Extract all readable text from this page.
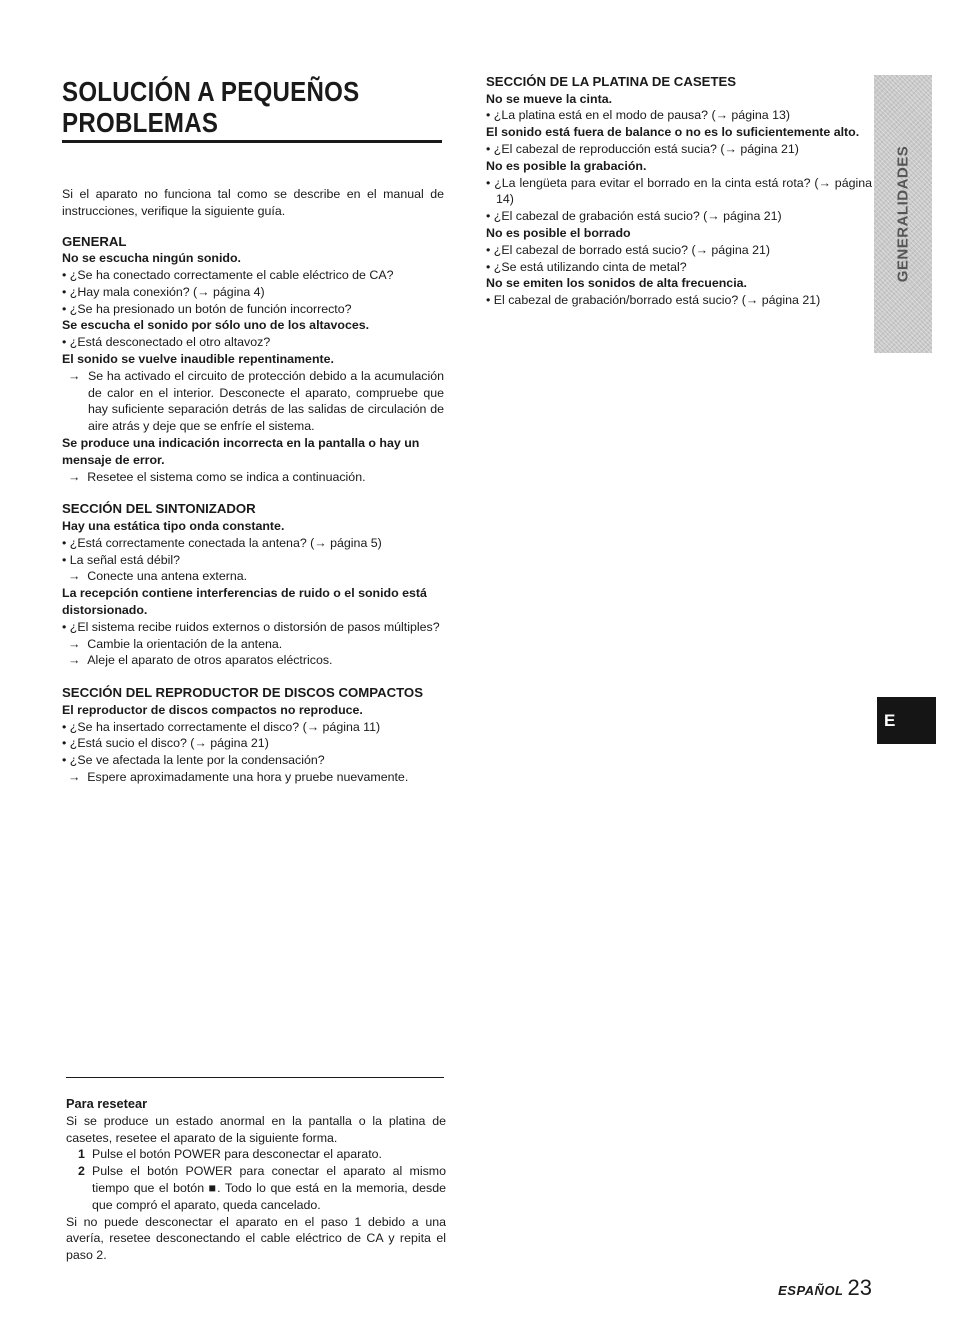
SOLUCIÓN A PEQUEÑOS
PROBLEMAS
Si el aparato no funciona tal como se describe en el manual de instrucciones, verifique la siguiente guía.
GENERAL
No se escucha ningún sonido.
• ¿Se ha conectado correctamente el cable eléctrico de CA?
• ¿Hay mala conexión? (→ página 4)
• ¿Se ha presionado un botón de función incorrecto?
Se escucha el sonido por sólo uno de los altavoces.
• ¿Está desconectado el otro altavoz?
El sonido se vuelve inaudible repentinamente.
→  Se ha activado el circuito de protección debido a la acumulación de calor en el interior. Desconecte el aparato, compruebe que hay suficiente separación detrás de las salidas de circulación de aire atrás y deje que se enfríe el sistema.
Se produce una indicación incorrecta en la pantalla o hay un mensaje de error.
→  Resetee el sistema como se indica a continuación.
SECCIÓN DEL SINTONIZADOR
Hay una estática tipo onda constante.
• ¿Está correctamente conectada la antena? (→ página 5)
• La señal está débil?
→  Conecte una antena externa.
La recepción contiene interferencias de ruido o el sonido está distorsionado.
• ¿El sistema recibe ruidos externos o distorsión de pasos múltiples?
→  Cambie la orientación de la antena.
→  Aleje el aparato de otros aparatos eléctricos.
SECCIÓN DEL REPRODUCTOR DE DISCOS COMPACTOS
El reproductor de discos compactos no reproduce.
• ¿Se ha insertado correctamente el disco? (→ página 11)
• ¿Está sucio el disco? (→ página 21)
• ¿Se ve afectada la lente por la condensación?
→  Espere aproximadamente una hora y pruebe nuevamente.
SECCIÓN DE LA PLATINA DE CASETES
No se mueve la cinta.
• ¿La platina está en el modo de pausa? (→ página 13)
El sonido está fuera de balance o no es lo suficientemente alto.
• ¿El cabezal de reproducción está sucia? (→ página 21)
No es posible la grabación.
• ¿La lengüeta para evitar el borrado en la cinta está rota? (→ página 14)
• ¿El cabezal de grabación está sucio? (→ página 21)
No es posible el borrado
• ¿El cabezal de borrado está sucio? (→ página 21)
• ¿Se está utilizando cinta de metal?
No se emiten los sonidos de alta frecuencia.
• El cabezal de grabación/borrado está sucio? (→ página 21)
GENERALIDADES
E
Para resetear
Si se produce un estado anormal en la pantalla o la platina de casetes, resetee el aparato de la siguiente forma.
1 Pulse el botón POWER para desconectar el aparato.
2 Pulse el botón POWER para conectar el aparato al mismo tiempo que el botón ■. Todo lo que está en la memoria, desde que compró el aparato, queda cancelado.
Si no puede desconectar el aparato en el paso 1 debido a una avería, resetee desconectando el cable eléctrico de CA y repita el paso 2.
ESPAÑOL 23
